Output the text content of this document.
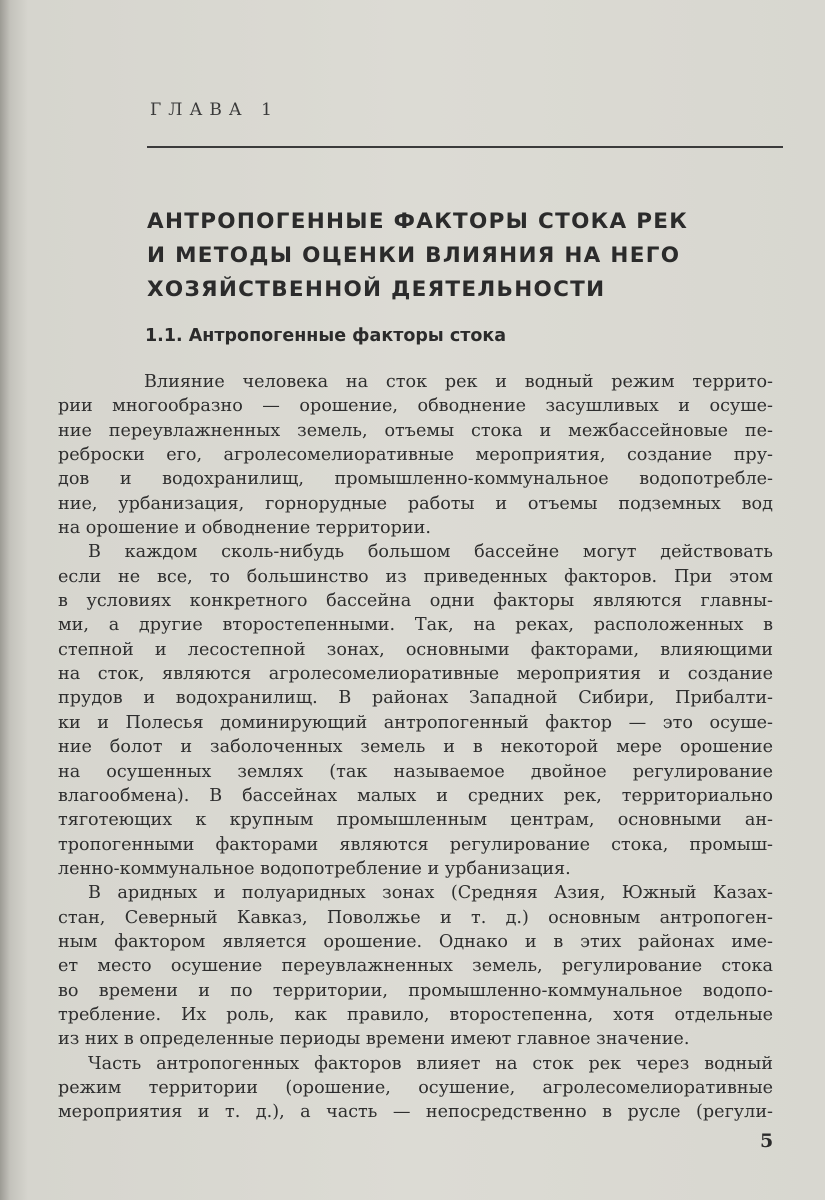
ГЛАВА 1
АНТРОПОГЕННЫЕ ФАКТОРЫ СТОКА РЕК
И МЕТОДЫ ОЦЕНКИ ВЛИЯНИЯ НА НЕГО
ХОЗЯЙСТВЕННОЙ ДЕЯТЕЛЬНОСТИ
1.1. Антропогенные факторы стока
Влияние человека на сток рек и водный режим террито-
рии многообразно — орошение, обводнение засушливых и осуше-
ние переувлажненных земель, отъемы стока и межбассейновые пе-
реброски его, агролесомелиоративные мероприятия, создание пру-
дов и водохранилищ, промышленно-коммунальное водопотребле-
ние, урбанизация, горнорудные работы и отъемы подземных вод
на орошение и обводнение территории.
В каждом сколь-нибудь большом бассейне могут действовать
если не все, то большинство из приведенных факторов. При этом
в условиях конкретного бассейна одни факторы являются главны-
ми, а другие второстепенными. Так, на реках, расположенных в
степной и лесостепной зонах, основными факторами, влияющими
на сток, являются агролесомелиоративные мероприятия и создание
прудов и водохранилищ. В районах Западной Сибири, Прибалти-
ки и Полесья доминирующий антропогенный фактор — это осуше-
ние болот и заболоченных земель и в некоторой мере орошение
на осушенных землях (так называемое двойное регулирование
влагообмена). В бассейнах малых и средних рек, территориально
тяготеющих к крупным промышленным центрам, основными ан-
тропогенными факторами являются регулирование стока, промыш-
ленно-коммунальное водопотребление и урбанизация.
В аридных и полуаридных зонах (Средняя Азия, Южный Казах-
стан, Северный Кавказ, Поволжье и т. д.) основным антропоген-
ным фактором является орошение. Однако и в этих районах име-
ет место осушение переувлажненных земель, регулирование стока
во времени и по территории, промышленно-коммунальное водопо-
требление. Их роль, как правило, второстепенна, хотя отдельные
из них в определенные периоды времени имеют главное значение.
Часть антропогенных факторов влияет на сток рек через водный
режим территории (орошение, осушение, агролесомелиоративные
мероприятия и т. д.), а часть — непосредственно в русле (регули-
5
